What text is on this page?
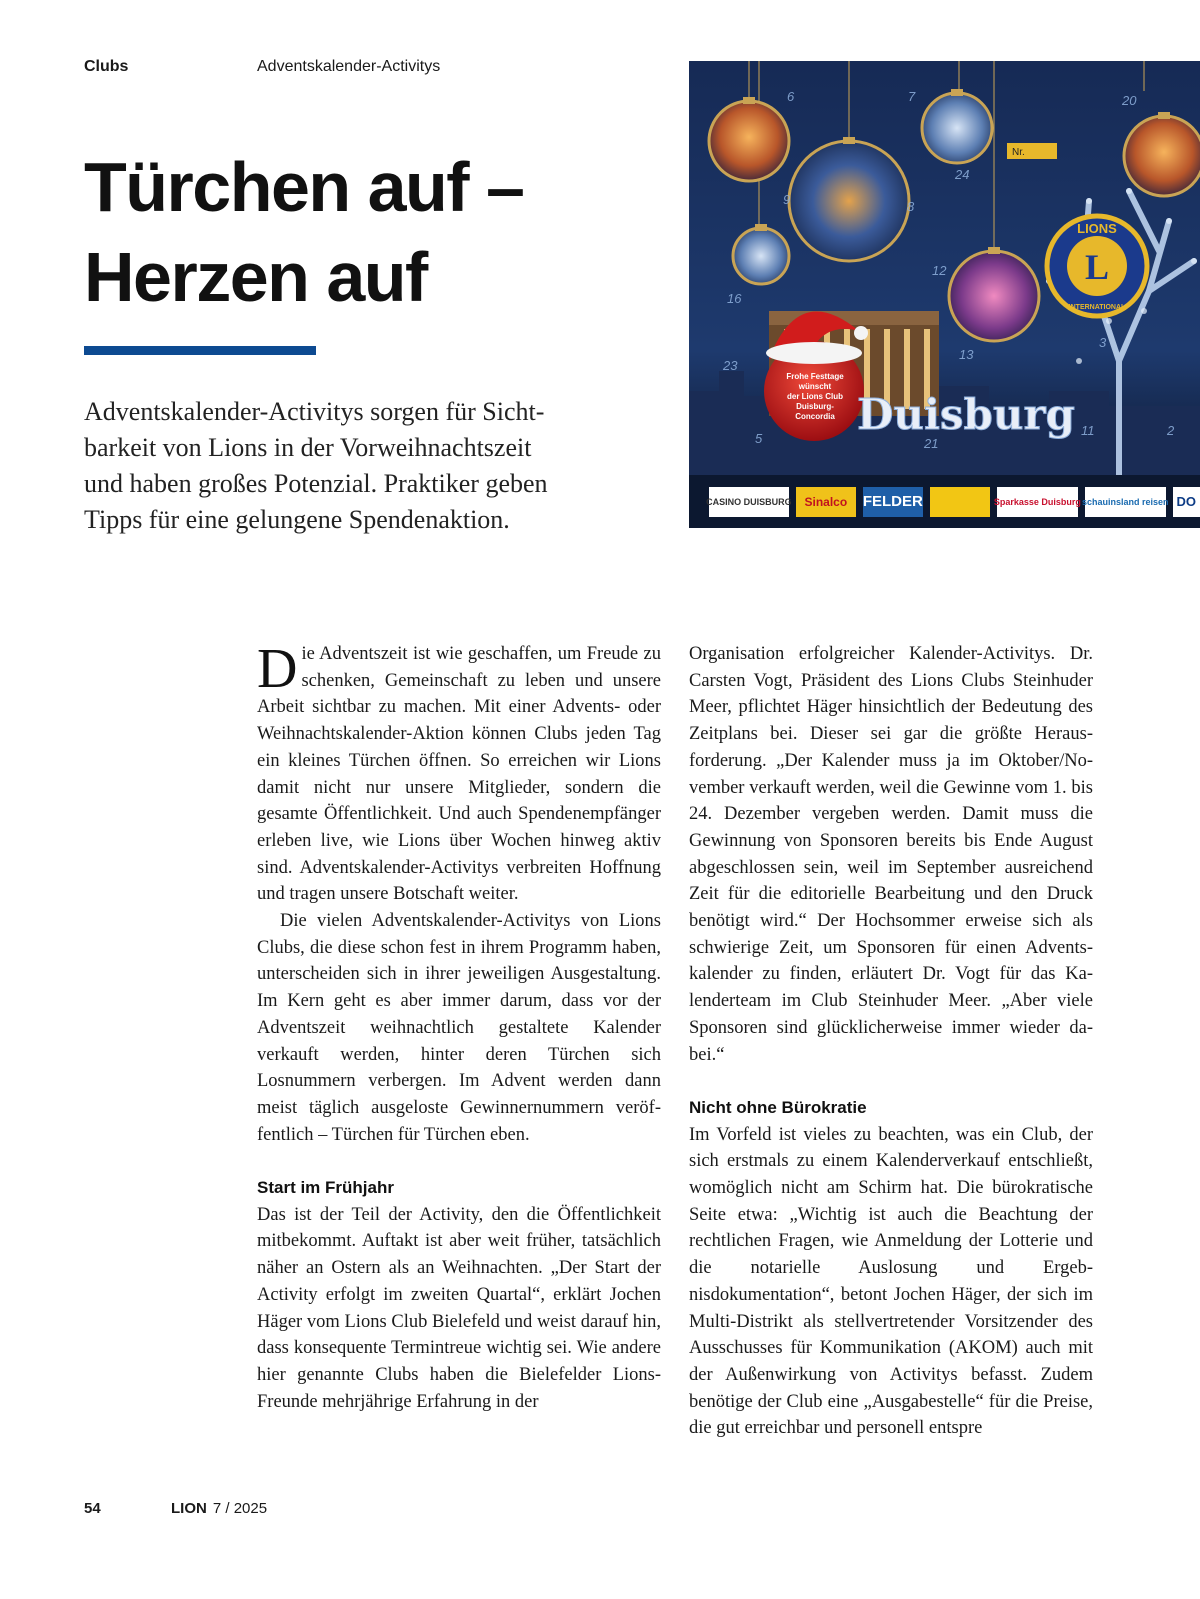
Clubs	Adventskalender-Activitys
Türchen auf –
Herzen auf
Adventskalender-Activitys sorgen für Sicht-
barkeit von Lions in der Vorweihnachtszeit
und haben großes Potenzial. Praktiker geben
Tipps für eine gelungene Spendenaktion.
L
LIONS
INTERNATIONAL
Nr.
Frohe Festtage
wünscht
der Lions Club
Duisburg-
Concordia Duisburg
6	7	20
24
9	8
12
16
3
13
23
5	21
11	2
CASINO DUISBURG	Sinalco	FELDER	Sparkasse Duisburg schauinsland reisen DO

Die Adventszeit ist wie geschaffen, um Freude zu schenken, Gemeinschaft zu leben und unsere Arbeit sichtbar zu machen. Mit einer Advents- oder Weihnachtskalender-Aktion können Clubs jeden Tag ein kleines Türchen öffnen. So erreichen wir Lions damit nicht nur unsere Mitglieder, sondern die gesamte Öffentlichkeit. Und auch Spendenempfänger erleben live, wie Lions über Wochen hinweg aktiv sind. Adventskalender-Activitys verbreiten Hoffnung und tragen unsere Botschaft weiter.

Die vielen Adventskalender-Activitys von Lions Clubs, die diese schon fest in ihrem Programm haben, unterscheiden sich in ihrer jeweiligen Ausgestaltung. Im Kern geht es aber immer darum, dass vor der Adventszeit weihnachtlich gestaltete Kalender verkauft werden, hinter deren Türchen sich Losnummern verbergen. Im Advent werden dann meist täglich ausgeloste Gewinnernummern veröffentlich – Türchen für Türchen eben.

Start im Frühjahr

Das ist der Teil der Activity, den die Öffentlichkeit mitbekommt. Auftakt ist aber weit früher, tatsächlich näher an Ostern als an Weihnachten. „Der Start der Activity erfolgt im zweiten Quartal“, erklärt Jochen Häger vom Lions Club Bielefeld und weist darauf hin, dass konsequente Termintreue wichtig sei. Wie andere hier genannte Clubs haben die Bielefelder Lions-Freunde mehrjährige Erfahrung in der

Organisation erfolgreicher Kalender-Activitys. Dr. Carsten Vogt, Präsident des Lions Clubs Steinhuder Meer, pflichtet Häger hinsichtlich der Bedeutung des Zeitplans bei. Dieser sei gar die größte Herausforderung. „Der Kalender muss ja im Oktober/November verkauft werden, weil die Gewinne vom 1. bis 24. Dezember vergeben werden. Damit muss die Gewinnung von Sponsoren bereits bis Ende August abgeschlossen sein, weil im September ausreichend Zeit für die editorielle Bearbeitung und den Druck benötigt wird.“ Der Hochsommer erweise sich als schwierige Zeit, um Sponsoren für einen Adventskalender zu finden, erläutert Dr. Vogt für das Kalenderteam im Club Steinhuder Meer. „Aber viele Sponsoren sind glücklicherweise immer wieder dabei.“

Nicht ohne Bürokratie

Im Vorfeld ist vieles zu beachten, was ein Club, der sich erstmals zu einem Kalenderverkauf entschließt, womöglich nicht am Schirm hat. Die bürokratische Seite etwa: „Wichtig ist auch die Beachtung der rechtlichen Fragen, wie Anmeldung der Lotterie und die notarielle Auslosung und Ergebnisdokumentation“, betont Jochen Häger, der sich im Multi-Distrikt als stellvertretender Vorsitzender des Ausschusses für Kommunikation (AKOM) auch mit der Außenwirkung von Activitys befasst. Zudem benötige der Club eine „Ausgabestelle“ für die Preise, die gut erreichbar und personell entspre

54	LION 7 / 2025
